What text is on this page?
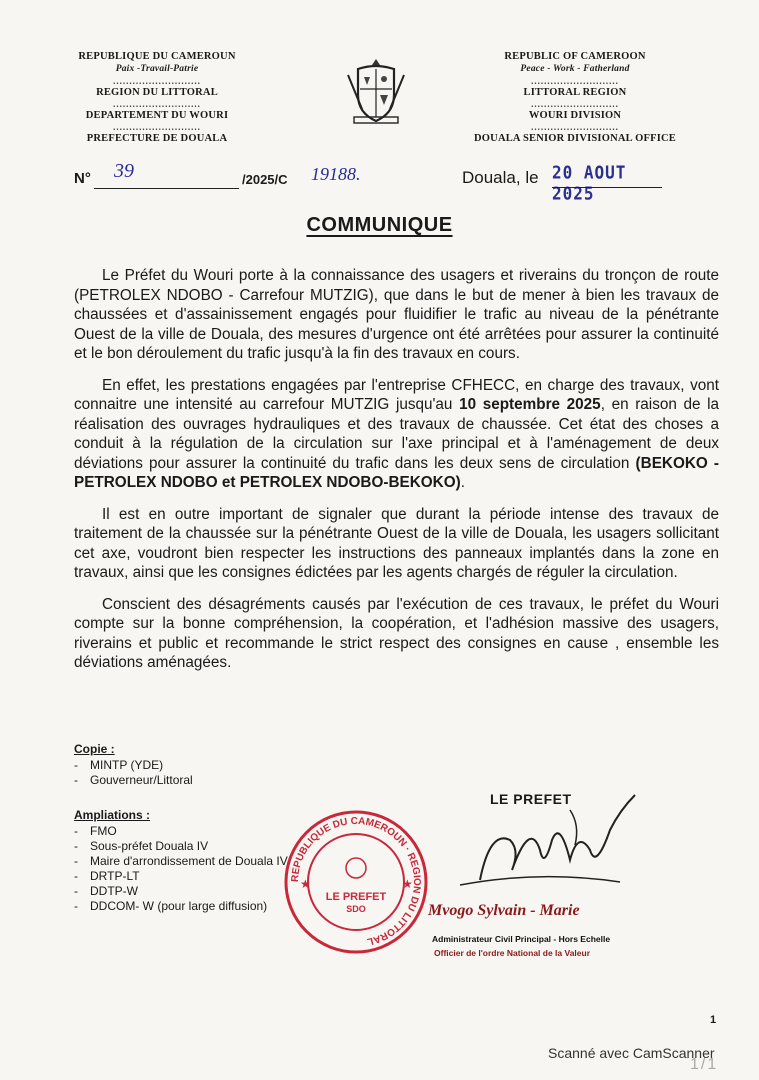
REPUBLIQUE DU CAMEROUN
Paix -Travail-Patrie
...........................
REGION DU LITTORAL
...........................
DEPARTEMENT DU WOURI
...........................
PREFECTURE DE DOUALA
REPUBLIC OF CAMEROON
Peace - Work - Fatherland
...........................
LITTORAL REGION
...........................
WOURI DIVISION
...........................
DOUALA SENIOR DIVISIONAL OFFICE
N° 39	/2025/C 19188.	Douala, le 20 AOUT 2025
COMMUNIQUE

Le Préfet du Wouri porte à la connaissance des usagers et riverains du tronçon de route (PETROLEX NDOBO - Carrefour MUTZIG), que dans le but de mener à bien les travaux de chaussées et d'assainissement engagés pour fluidifier le trafic au niveau de la pénétrante Ouest de la ville de Douala, des mesures d'urgence ont été arrêtées pour assurer la continuité et le bon déroulement du trafic jusqu'à la fin des travaux en cours.

En effet, les prestations engagées par l'entreprise CFHECC, en charge des travaux, vont connaitre une intensité au carrefour MUTZIG jusqu'au 10 septembre 2025, en raison de la réalisation des ouvrages hydrauliques et des travaux de chaussée. Cet état des choses a conduit à la régulation de la circulation sur l'axe principal et à l'aménagement de deux déviations pour assurer la continuité du trafic dans les deux sens de circulation (BEKOKO - PETROLEX NDOBO et PETROLEX NDOBO-BEKOKO).

Il est en outre important de signaler que durant la période intense des travaux de traitement de la chaussée sur la pénétrante Ouest de la ville de Douala, les usagers sollicitant cet axe, voudront bien respecter les instructions des panneaux implantés dans la zone en travaux, ainsi que les consignes édictées par les agents chargés de réguler la circulation.

Conscient des désagréments causés par l'exécution de ces travaux, le préfet du Wouri compte sur la bonne compréhension, la coopération, et l'adhésion massive des usagers, riverains et public et recommande le strict respect des consignes en cause , ensemble les déviations aménagées.

Copie :
- MINTP (YDE)
- Gouverneur/Littoral
Ampliations :
- FMO
- Sous-préfet Douala IV
- Maire d'arrondissement de Douala IV
- DRTP-LT
- DDTP-W
- DDCOM- W (pour large diffusion)
LE PREFET
REPUBLIQUE DU CAMEROUN · REGION DU LITTORAL
LE PREFET
SDO
★	★
Mvogo Sylvain - Marie
Administrateur Civil Principal - Hors Echelle
Officier de l'ordre National de la Valeur
1
Scanné avec CamScanner
1/1
